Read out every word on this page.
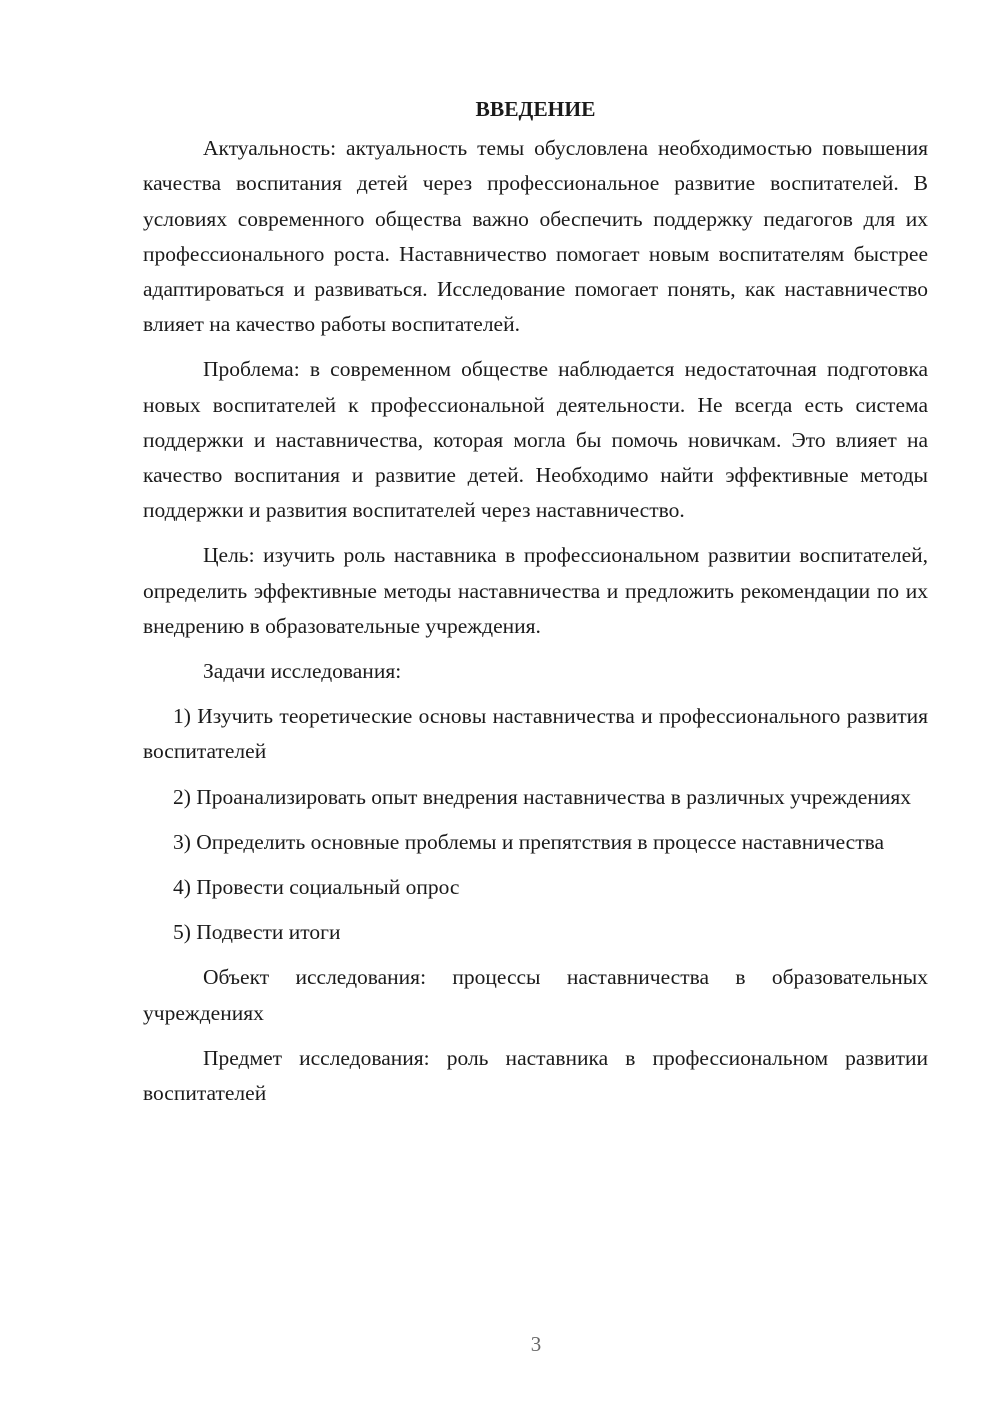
ВВЕДЕНИЕ

Актуальность: актуальность темы обусловлена необходимостью повышения качества воспитания детей через профессиональное развитие воспитателей. В условиях современного общества важно обеспечить поддержку педагогов для их профессионального роста. Наставничество помогает новым воспитателям быстрее адаптироваться и развиваться. Исследование помогает понять, как наставничество влияет на качество работы воспитателей.

Проблема: в современном обществе наблюдается недостаточная подготовка новых воспитателей к профессиональной деятельности. Не всегда есть система поддержки и наставничества, которая могла бы помочь новичкам. Это влияет на качество воспитания и развитие детей. Необходимо найти эффективные методы поддержки и развития воспитателей через наставничество.

Цель: изучить роль наставника в профессиональном развитии воспитателей, определить эффективные методы наставничества и предложить рекомендации по их внедрению в образовательные учреждения.

Задачи исследования:

1) Изучить теоретические основы наставничества и профессионального развития воспитателей

2) Проанализировать опыт внедрения наставничества в различных учреждениях

3) Определить основные проблемы и препятствия в процессе наставничества

4) Провести социальный опрос

5) Подвести итоги

Объект исследования: процессы наставничества в образовательных учреждениях

Предмет исследования: роль наставника в профессиональном развитии воспитателей

3
